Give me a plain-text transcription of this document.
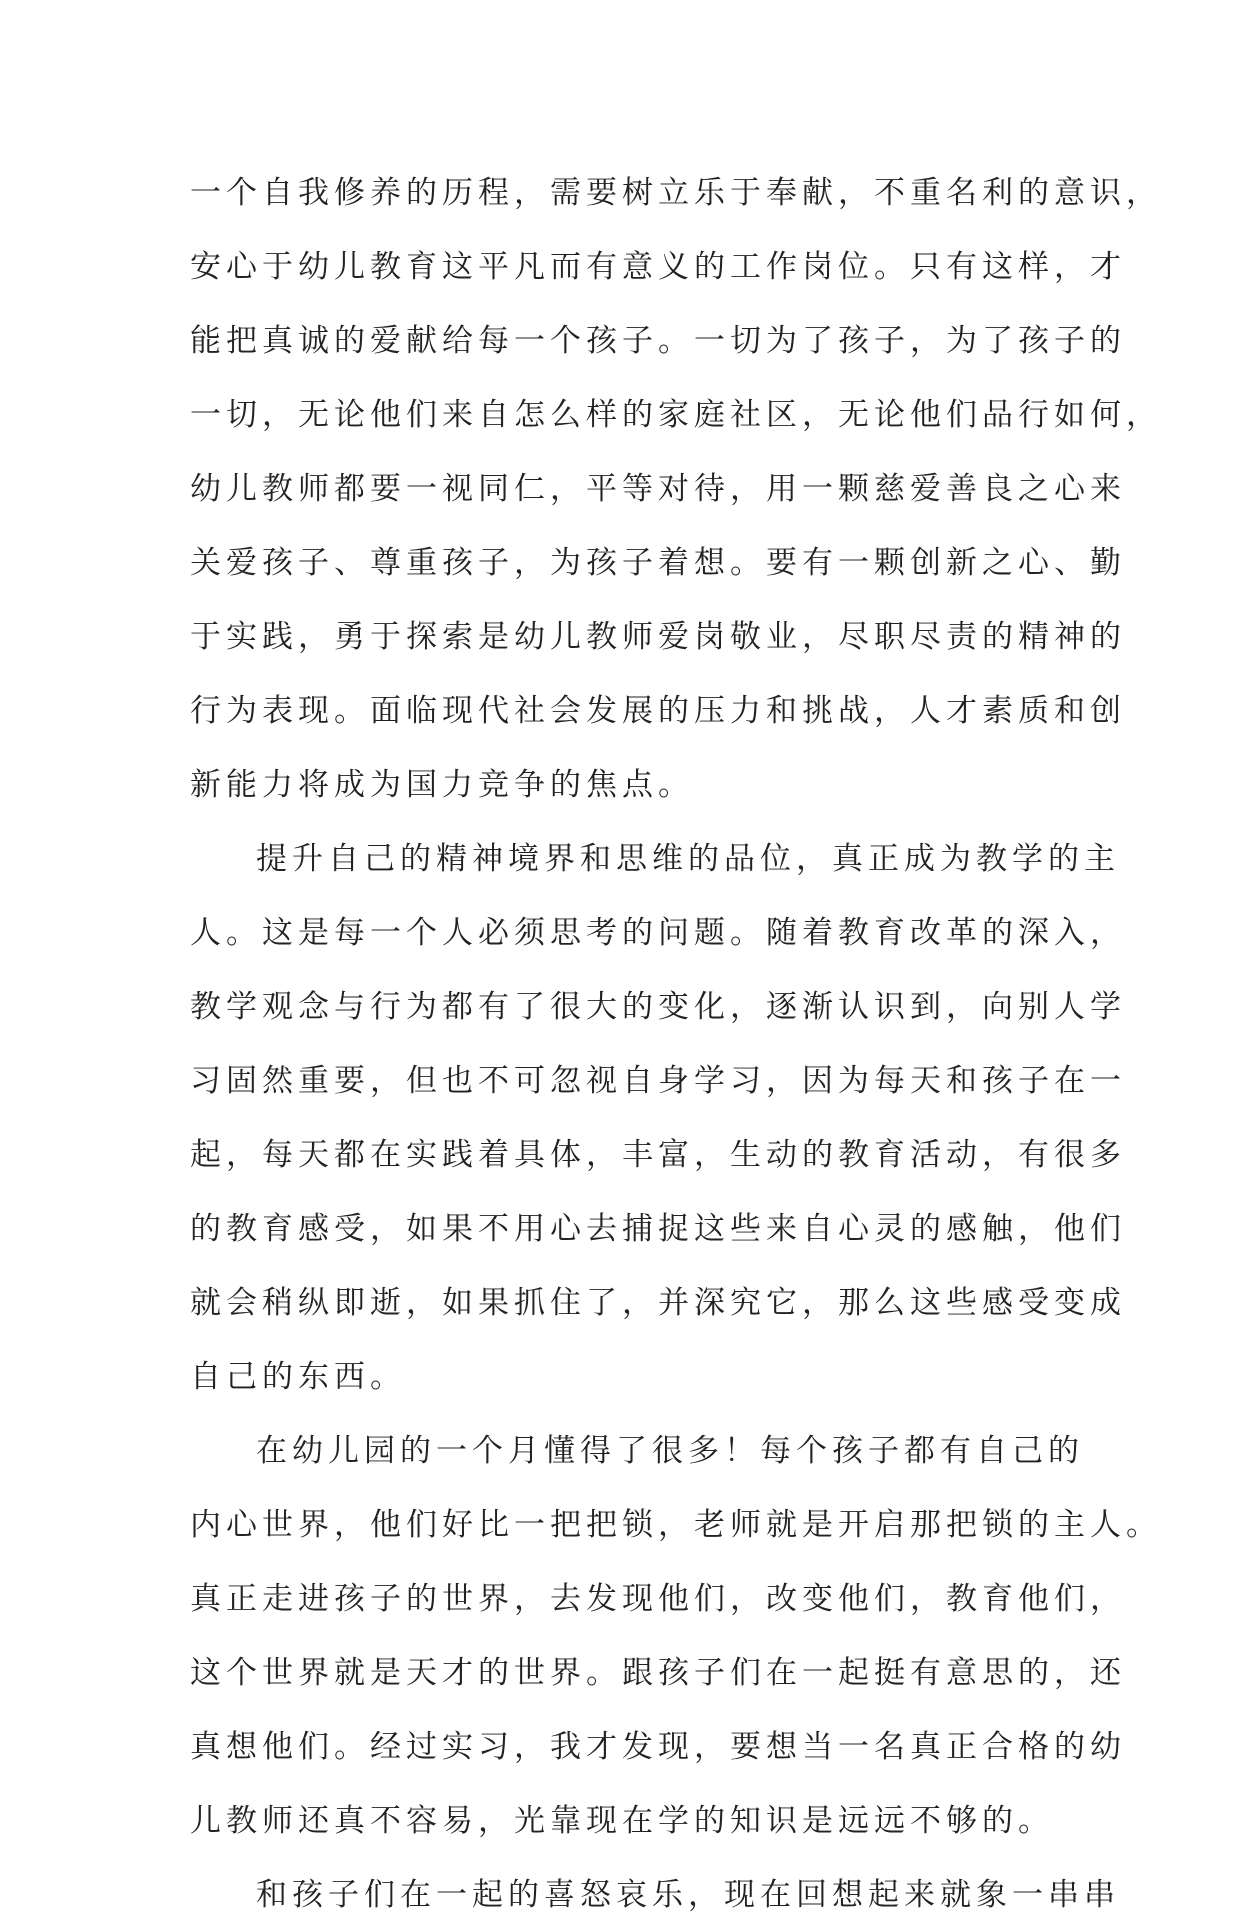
一个自我修养的历程，需要树立乐于奉献，不重名利的意识，
安心于幼儿教育这平凡而有意义的工作岗位。只有这样，才
能把真诚的爱献给每一个孩子。一切为了孩子，为了孩子的
一切，无论他们来自怎么样的家庭社区，无论他们品行如何，
幼儿教师都要一视同仁，平等对待，用一颗慈爱善良之心来
关爱孩子、尊重孩子，为孩子着想。要有一颗创新之心、勤
于实践，勇于探索是幼儿教师爱岗敬业，尽职尽责的精神的
行为表现。面临现代社会发展的压力和挑战，人才素质和创
新能力将成为国力竞争的焦点。
提升自己的精神境界和思维的品位，真正成为教学的主
人。这是每一个人必须思考的问题。随着教育改革的深入，
教学观念与行为都有了很大的变化，逐渐认识到，向别人学
习固然重要，但也不可忽视自身学习，因为每天和孩子在一
起，每天都在实践着具体，丰富，生动的教育活动，有很多
的教育感受，如果不用心去捕捉这些来自心灵的感触，他们
就会稍纵即逝，如果抓住了，并深究它，那么这些感受变成
自己的东西。
在幼儿园的一个月懂得了很多！每个孩子都有自己的
内心世界，他们好比一把把锁，老师就是开启那把锁的主人。
真正走进孩子的世界，去发现他们，改变他们，教育他们，
这个世界就是天才的世界。跟孩子们在一起挺有意思的，还
真想他们。经过实习，我才发现，要想当一名真正合格的幼
儿教师还真不容易，光靠现在学的知识是远远不够的。
和孩子们在一起的喜怒哀乐，现在回想起来就象一串串
